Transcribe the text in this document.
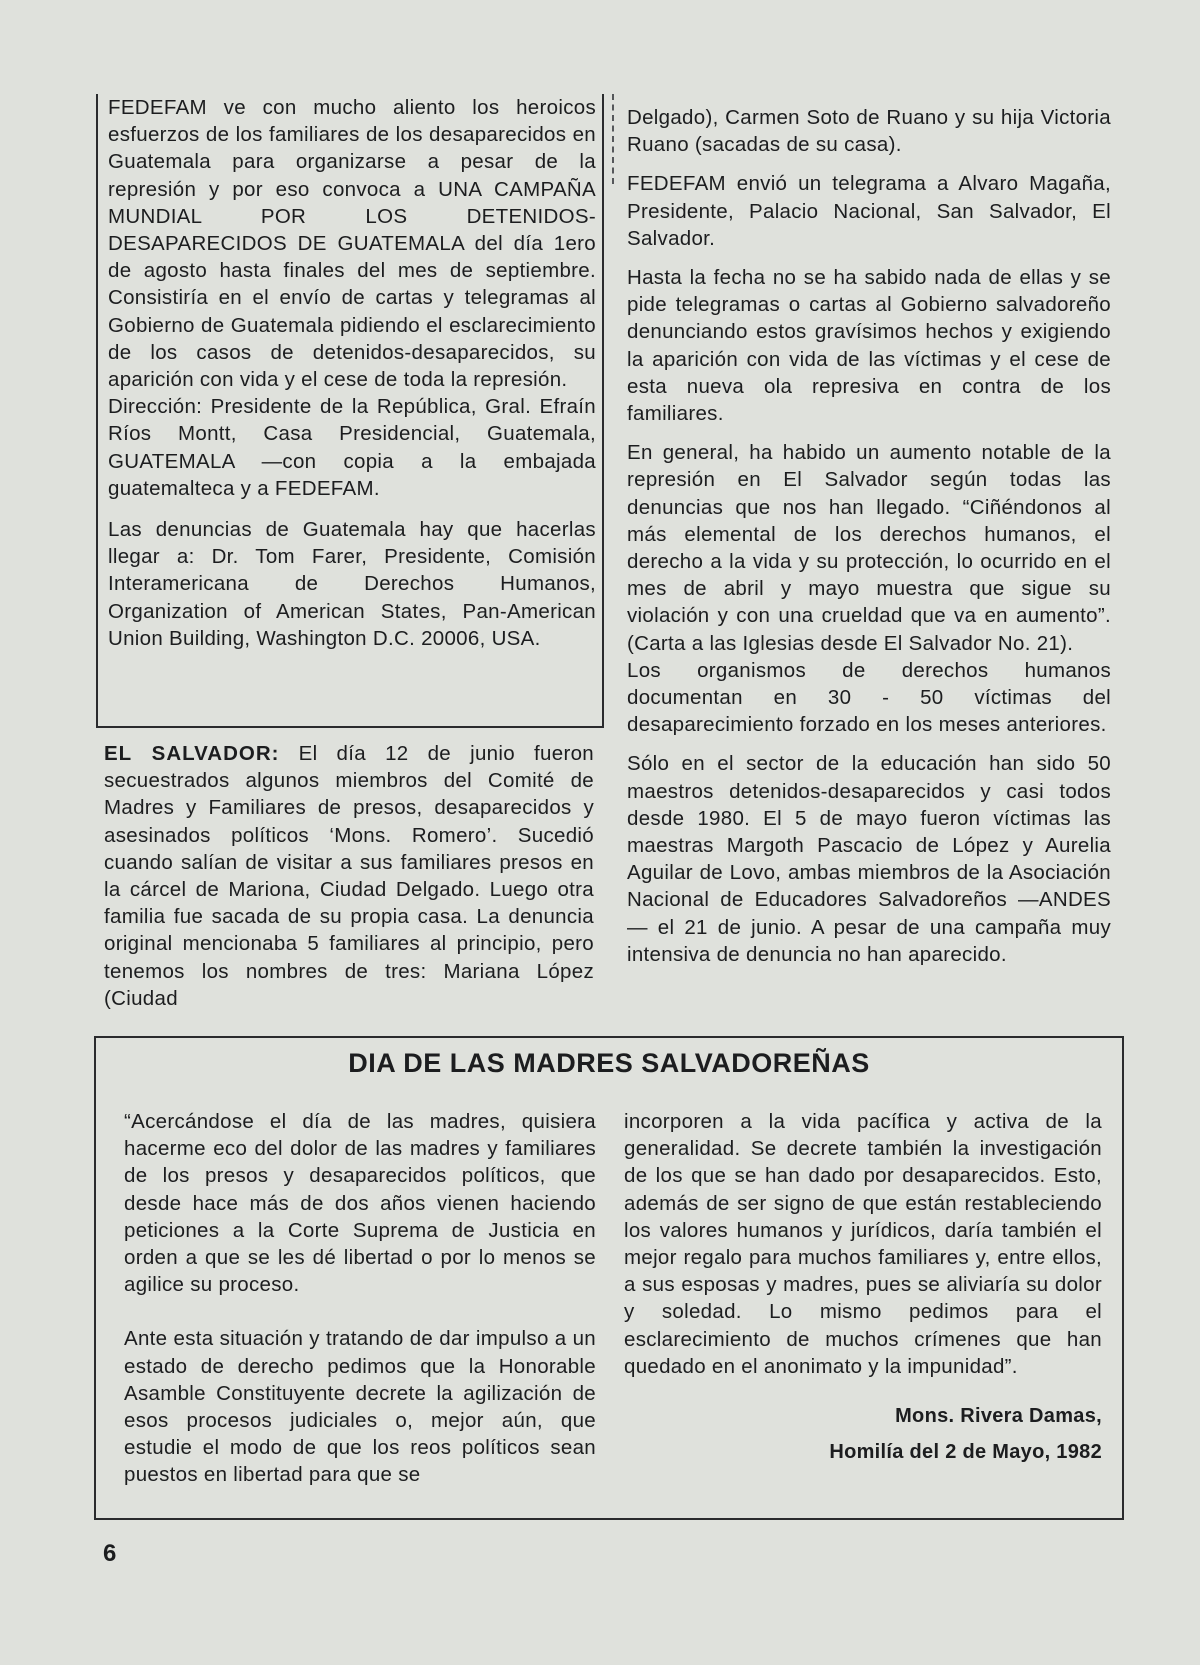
FEDEFAM ve con mucho aliento los heroicos esfuerzos de los familiares de los desaparecidos en Guatemala para organizarse a pesar de la represión y por eso convoca a UNA CAMPAÑA MUNDIAL POR LOS DETENIDOS-DESAPARECIDOS DE GUATEMALA del día 1ero de agosto hasta finales del mes de septiembre. Consistiría en el envío de cartas y telegramas al Gobierno de Guatemala pidiendo el esclarecimiento de los casos de detenidos-desaparecidos, su aparición con vida y el cese de toda la represión.

Dirección: Presidente de la República, Gral. Efraín Ríos Montt, Casa Presidencial, Guatemala, GUATEMALA —con copia a la embajada guatemalteca y a FEDEFAM.

Las denuncias de Guatemala hay que hacerlas llegar a: Dr. Tom Farer, Presidente, Comisión Interamericana de Derechos Humanos, Organization of American States, Pan-American Union Building, Washington D.C. 20006, USA.

EL SALVADOR: El día 12 de junio fueron secuestrados algunos miembros del Comité de Madres y Familiares de presos, desaparecidos y asesinados políticos ‘Mons. Romero’. Sucedió cuando salían de visitar a sus familiares presos en la cárcel de Mariona, Ciudad Delgado. Luego otra familia fue sacada de su propia casa. La denuncia original mencionaba 5 familiares al principio, pero tenemos los nombres de tres: Mariana López (Ciudad

Delgado), Carmen Soto de Ruano y su hija Victoria Ruano (sacadas de su casa).

FEDEFAM envió un telegrama a Alvaro Magaña, Presidente, Palacio Nacional, San Salvador, El Salvador.

Hasta la fecha no se ha sabido nada de ellas y se pide telegramas o cartas al Gobierno salvadoreño denunciando estos gravísimos hechos y exigiendo la aparición con vida de las víctimas y el cese de esta nueva ola represiva en contra de los familiares.

En general, ha habido un aumento notable de la represión en El Salvador según todas las denuncias que nos han llegado. “Ciñéndonos al más elemental de los derechos humanos, el derecho a la vida y su protección, lo ocurrido en el mes de abril y mayo muestra que sigue su violación y con una crueldad que va en aumento”. (Carta a las Iglesias desde El Salvador No. 21).

Los organismos de derechos humanos documentan en 30 - 50 víctimas del desaparecimiento forzado en los meses anteriores.

Sólo en el sector de la educación han sido 50 maestros detenidos-desaparecidos y casi todos desde 1980. El 5 de mayo fueron víctimas las maestras Margoth Pascacio de López y Aurelia Aguilar de Lovo, ambas miembros de la Asociación Nacional de Educadores Salvadoreños —ANDES— el 21 de junio. A pesar de una campaña muy intensiva de denuncia no han aparecido.

DIA DE LAS MADRES SALVADOREÑAS

“Acercándose el día de las madres, quisiera hacerme eco del dolor de las madres y familiares de los presos y desaparecidos políticos, que desde hace más de dos años vienen haciendo peticiones a la Corte Suprema de Justicia en orden a que se les dé libertad o por lo menos se agilice su proceso.

Ante esta situación y tratando de dar impulso a un estado de derecho pedimos que la Honorable Asamble Constituyente decrete la agilización de esos procesos judiciales o, mejor aún, que estudie el modo de que los reos políticos sean puestos en libertad para que se

incorporen a la vida pacífica y activa de la generalidad. Se decrete también la investigación de los que se han dado por desaparecidos. Esto, además de ser signo de que están restableciendo los valores humanos y jurídicos, daría también el mejor regalo para muchos familiares y, entre ellos, a sus esposas y madres, pues se aliviaría su dolor y soledad. Lo mismo pedimos para el esclarecimiento de muchos crímenes que han quedado en el anonimato y la impunidad”.

Mons. Rivera Damas,
Homilía del 2 de Mayo, 1982
6
